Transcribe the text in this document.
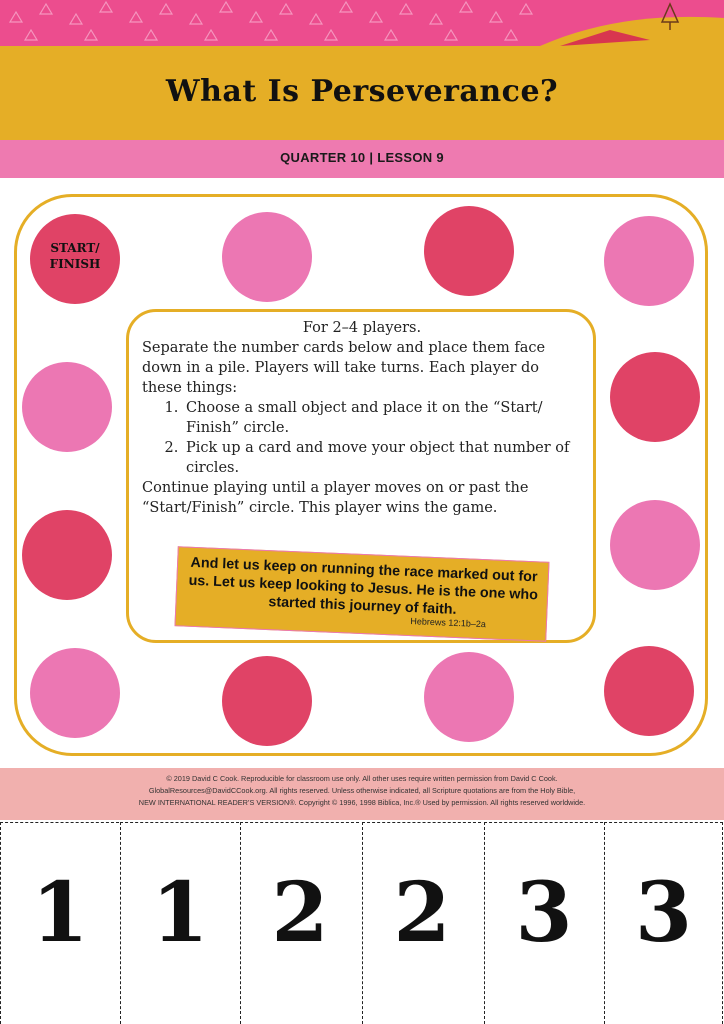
What Is Perseverance?
QUARTER 10 | LESSON 9
START/ FINISH
For 2–4 players.
Separate the number cards below and place them face down in a pile. Players will take turns. Each player do these things:
1. Choose a small object and place it on the “Start/ Finish” circle.
2. Pick up a card and move your object that number of circles.
Continue playing until a player moves on or past the “Start/Finish” circle. This player wins the game.
And let us keep on running the race marked out for us. Let us keep looking to Jesus. He is the one who started this journey of faith.
Hebrews 12:1b–2a
© 2019 David C Cook. Reproducible for classroom use only. All other uses require written permission from David C Cook.
GlobalResources@DavidCCook.org. All rights reserved. Unless otherwise indicated, all Scripture quotations are from the Holy Bible,
NEW INTERNATIONAL READER’S VERSION®. Copyright © 1996, 1998 Biblica, Inc.® Used by permission. All rights reserved worldwide.
1 1 2 2 3 3
